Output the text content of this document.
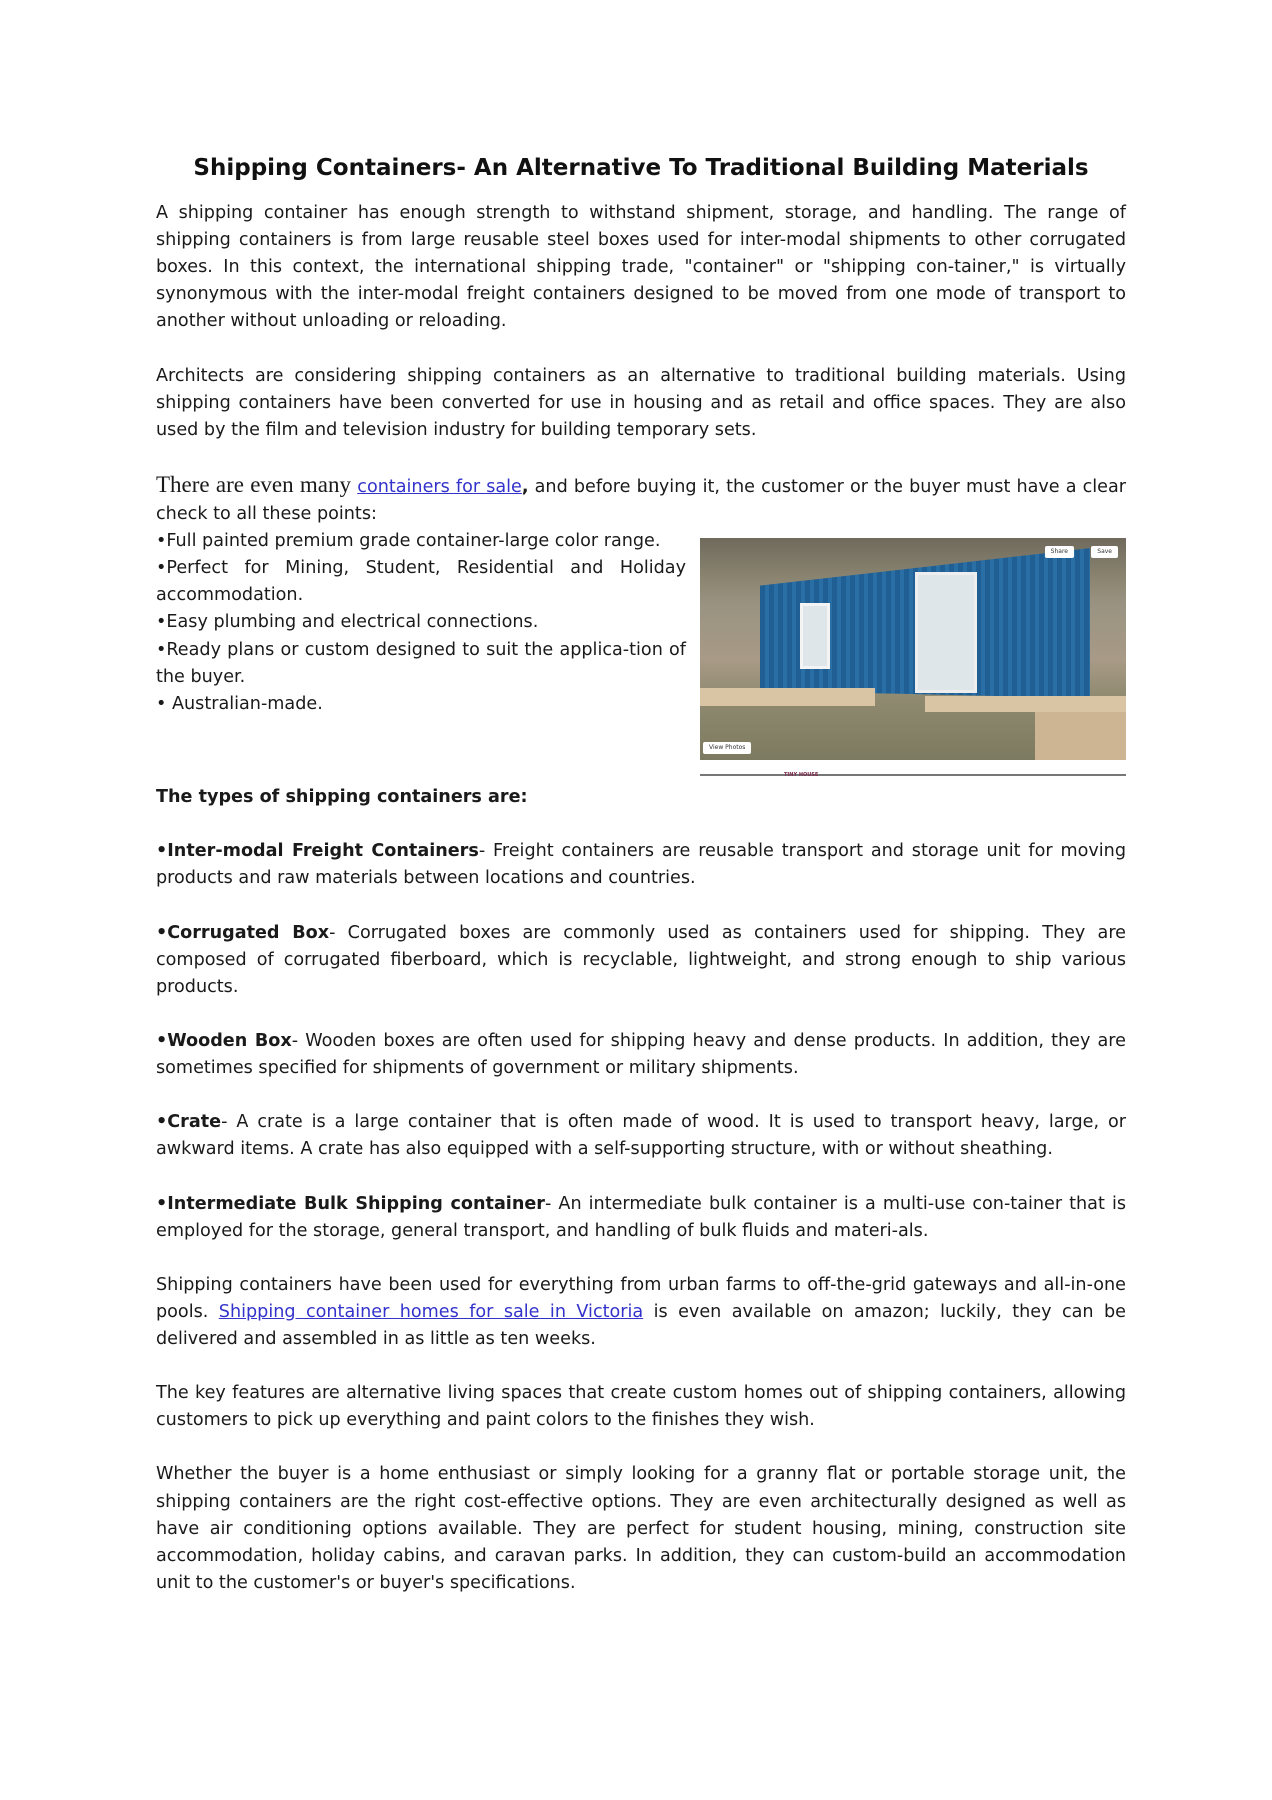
Shipping Containers- An Alternative To Traditional Building Materials

A shipping container has enough strength to withstand shipment, storage, and handling. The range of shipping containers is from large reusable steel boxes used for inter-modal shipments to other corrugated boxes. In this context, the international shipping trade, "container" or "shipping con-tainer," is virtually synonymous with the inter-modal freight containers designed to be moved from one mode of transport to another without unloading or reloading.

Architects are considering shipping containers as an alternative to traditional building materials. Using shipping containers have been converted for use in housing and as retail and office spaces. They are also used by the film and television industry for building temporary sets.

There are even many containers for sale, and before buying it, the customer or the buyer must have a clear check to all these points:

Share	Save
View Photos
TINY HOUSE
•Full painted premium grade container-large color range.
•Perfect for Mining, Student, Residential and Holiday accommodation.
•Easy plumbing and electrical connections.
•Ready plans or custom designed to suit the applica-tion of the buyer.
• Australian-made.

The types of shipping containers are:

•Inter-modal Freight Containers- Freight containers are reusable transport and storage unit for moving products and raw materials between locations and countries.

•Corrugated Box- Corrugated boxes are commonly used as containers used for shipping. They are composed of corrugated fiberboard, which is recyclable, lightweight, and strong enough to ship various products.

•Wooden Box- Wooden boxes are often used for shipping heavy and dense products. In addition, they are sometimes specified for shipments of government or military shipments.

•Crate- A crate is a large container that is often made of wood. It is used to transport heavy, large, or awkward items. A crate has also equipped with a self-supporting structure, with or without sheathing.

•Intermediate Bulk Shipping container- An intermediate bulk container is a multi-use con-tainer that is employed for the storage, general transport, and handling of bulk fluids and materi-als.

Shipping containers have been used for everything from urban farms to off-the-grid gateways and all-in-one pools. Shipping container homes for sale in Victoria is even available on amazon; luckily, they can be delivered and assembled in as little as ten weeks.

The key features are alternative living spaces that create custom homes out of shipping containers, allowing customers to pick up everything and paint colors to the finishes they wish.

Whether the buyer is a home enthusiast or simply looking for a granny flat or portable storage unit, the shipping containers are the right cost-effective options. They are even architecturally designed as well as have air conditioning options available. They are perfect for student housing, mining, construction site accommodation, holiday cabins, and caravan parks. In addition, they can custom-build an accommodation unit to the customer's or buyer's specifications.
